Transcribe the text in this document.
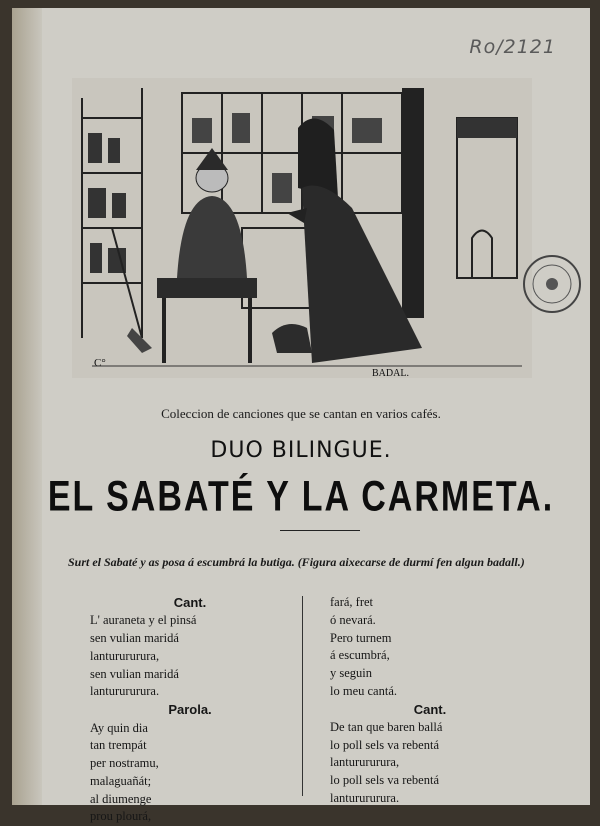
Ro/2121
C°
BADAL.
Coleccion de canciones que se cantan en varios cafés.
DUO BILINGUE.
EL SABATÉ Y LA CARMETA.
Surt el Sabaté y as posa á escumbrá la butiga. (Figura aixecarse de durmí fen algun badall.)
Cant.
L' auraneta y el pinsá
sen vulian maridá
lanturururura,
sen vulian maridá
lanturururura.
Parola.
Ay quin dia
tan trempát
per nostramu,
malaguañát;
al diumenge
prou plourá,
fará, fret
ó nevará.
Pero turnem
á escumbrá,
y seguin
lo meu cantá.
Cant.
De tan que baren ballá
lo poll sels va rebentá
lanturururura,
lo poll sels va rebentá
lanturururura.
